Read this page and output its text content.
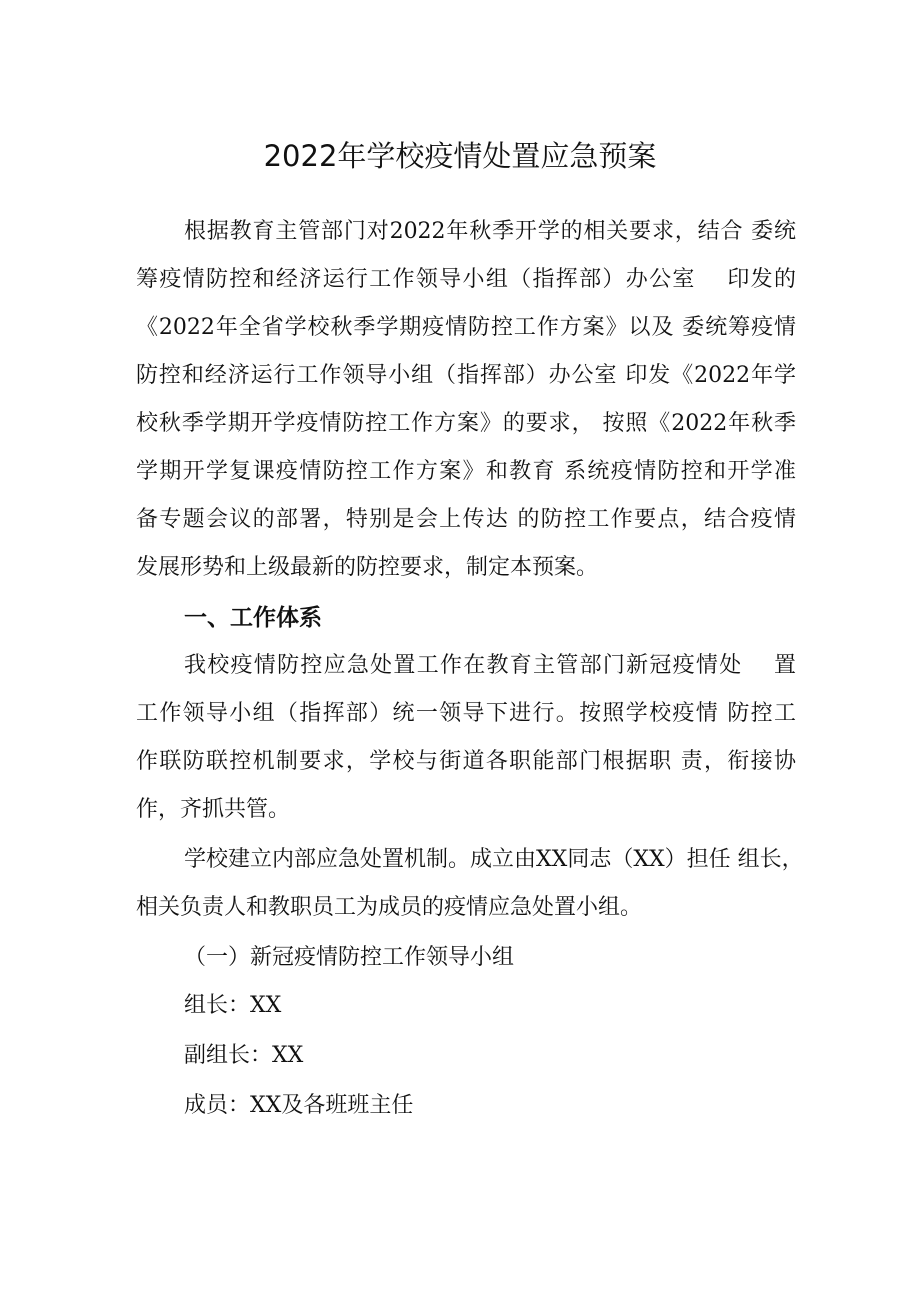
2022年学校疫情处置应急预案
根据教育主管部门对2022年秋季开学的相关要求，结合 委统
筹疫情防控和经济运行工作领导小组（指挥部）办公室　 印发的
《2022年全省学校秋季学期疫情防控工作方案》以及 委统筹疫情
防控和经济运行工作领导小组（指挥部）办公室 印发《2022年学
校秋季学期开学疫情防控工作方案》的要求， 按照《2022年秋季
学期开学复课疫情防控工作方案》和教育 系统疫情防控和开学准
备专题会议的部署，特别是会上传达 的防控工作要点，结合疫情
发展形势和上级最新的防控要求，制定本预案。
一、工作体系
我校疫情防控应急处置工作在教育主管部门新冠疫情处　 置
工作领导小组（指挥部）统一领导下进行。按照学校疫情 防控工
作联防联控机制要求，学校与街道各职能部门根据职 责，衔接协
作，齐抓共管。
学校建立内部应急处置机制。成立由XX同志（XX）担任 组长，
相关负责人和教职员工为成员的疫情应急处置小组。
（一）新冠疫情防控工作领导小组
组长：XX
副组长：XX
成员：XX及各班班主任
